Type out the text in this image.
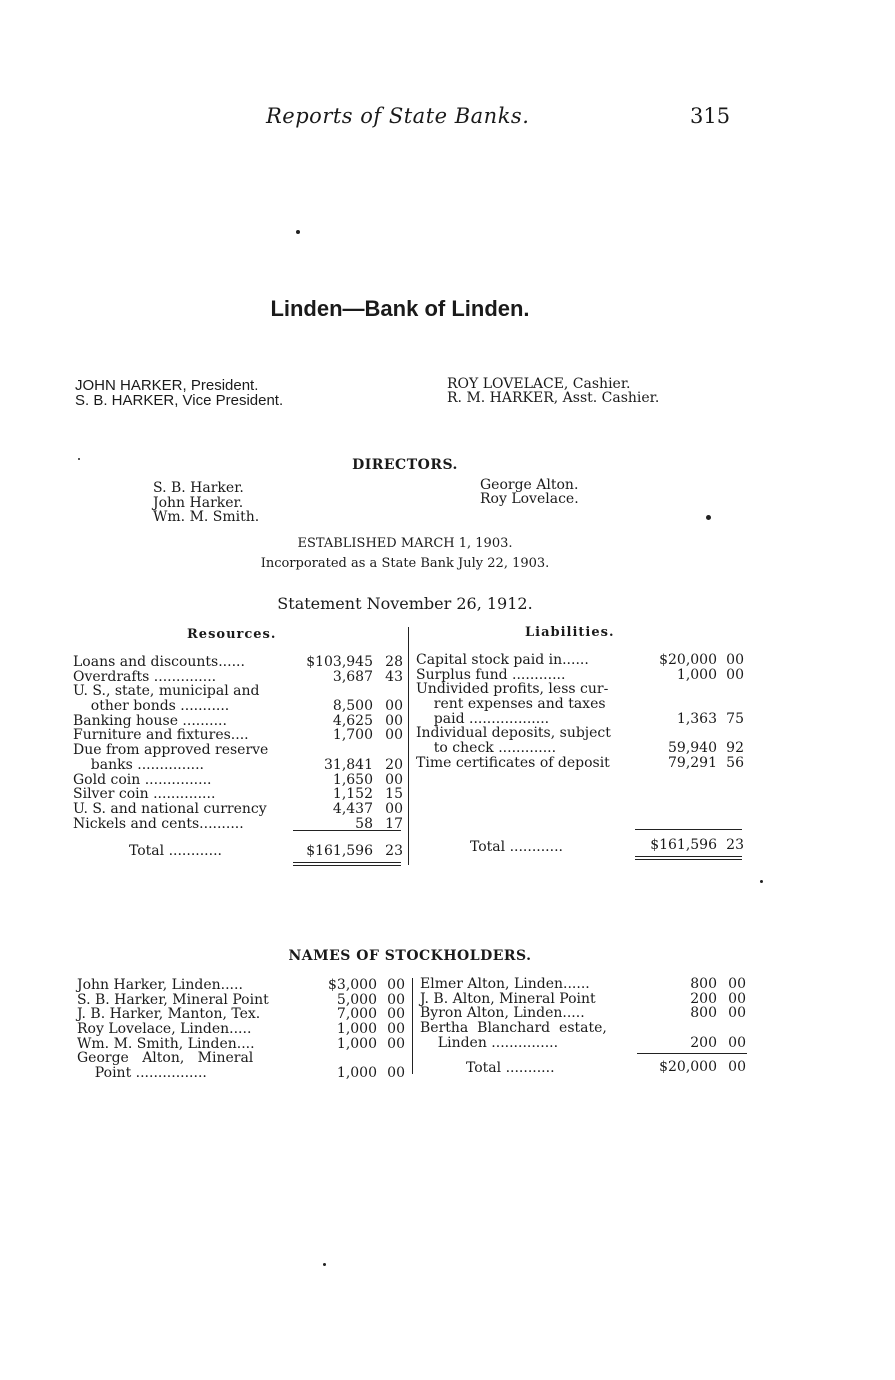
Reports of State Banks.	315
Linden—Bank of Linden.
JOHN HARKER, President.
S. B. HARKER, Vice President.
ROY LOVELACE, Cashier.
R. M. HARKER, Asst. Cashier.
DIRECTORS.
S. B. Harker.
John Harker.
Wm. M. Smith.
George Alton.
Roy Lovelace.
ESTABLISHED MARCH 1, 1903.
Incorporated as a State Bank July 22, 1903.
Statement November 26, 1912.
Resources.	Liabilities.
Loans and discounts......	$103,945 28
Overdrafts ..............	3,687 43
U. S., state, municipal and
other bonds ...........	8,500 00
Banking house ..........	4,625 00
Furniture and fixtures....	1,700 00
Due from approved reserve
banks ...............	31,841 20
Gold coin ...............	1,650 00
Silver coin ..............	1,152 15
U. S. and national currency	4,437 00
Nickels and cents..........	58 17
Total ............	$161,596 23
Capital stock paid in......	$20,000 00
Surplus fund ............	1,000 00
Undivided profits, less cur-
rent expenses and taxes
paid ..................	1,363 75
Individual deposits, subject
to check .............	59,940 92
Time certificates of deposit	79,291 56
Total ............	$161,596 23
NAMES OF STOCKHOLDERS.
John Harker, Linden.....	$3,000 00
S. B. Harker, Mineral Point	5,000 00
J. B. Harker, Manton, Tex.	7,000 00
Roy Lovelace, Linden.....	1,000 00
Wm. M. Smith, Linden....	1,000 00
George   Alton,   Mineral
Point ................	1,000 00
Elmer Alton, Linden......	800 00
J. B. Alton, Mineral Point	200 00
Byron Alton, Linden.....	800 00
Bertha  Blanchard  estate,
Linden ...............	200 00
Total ...........	$20,000 00
